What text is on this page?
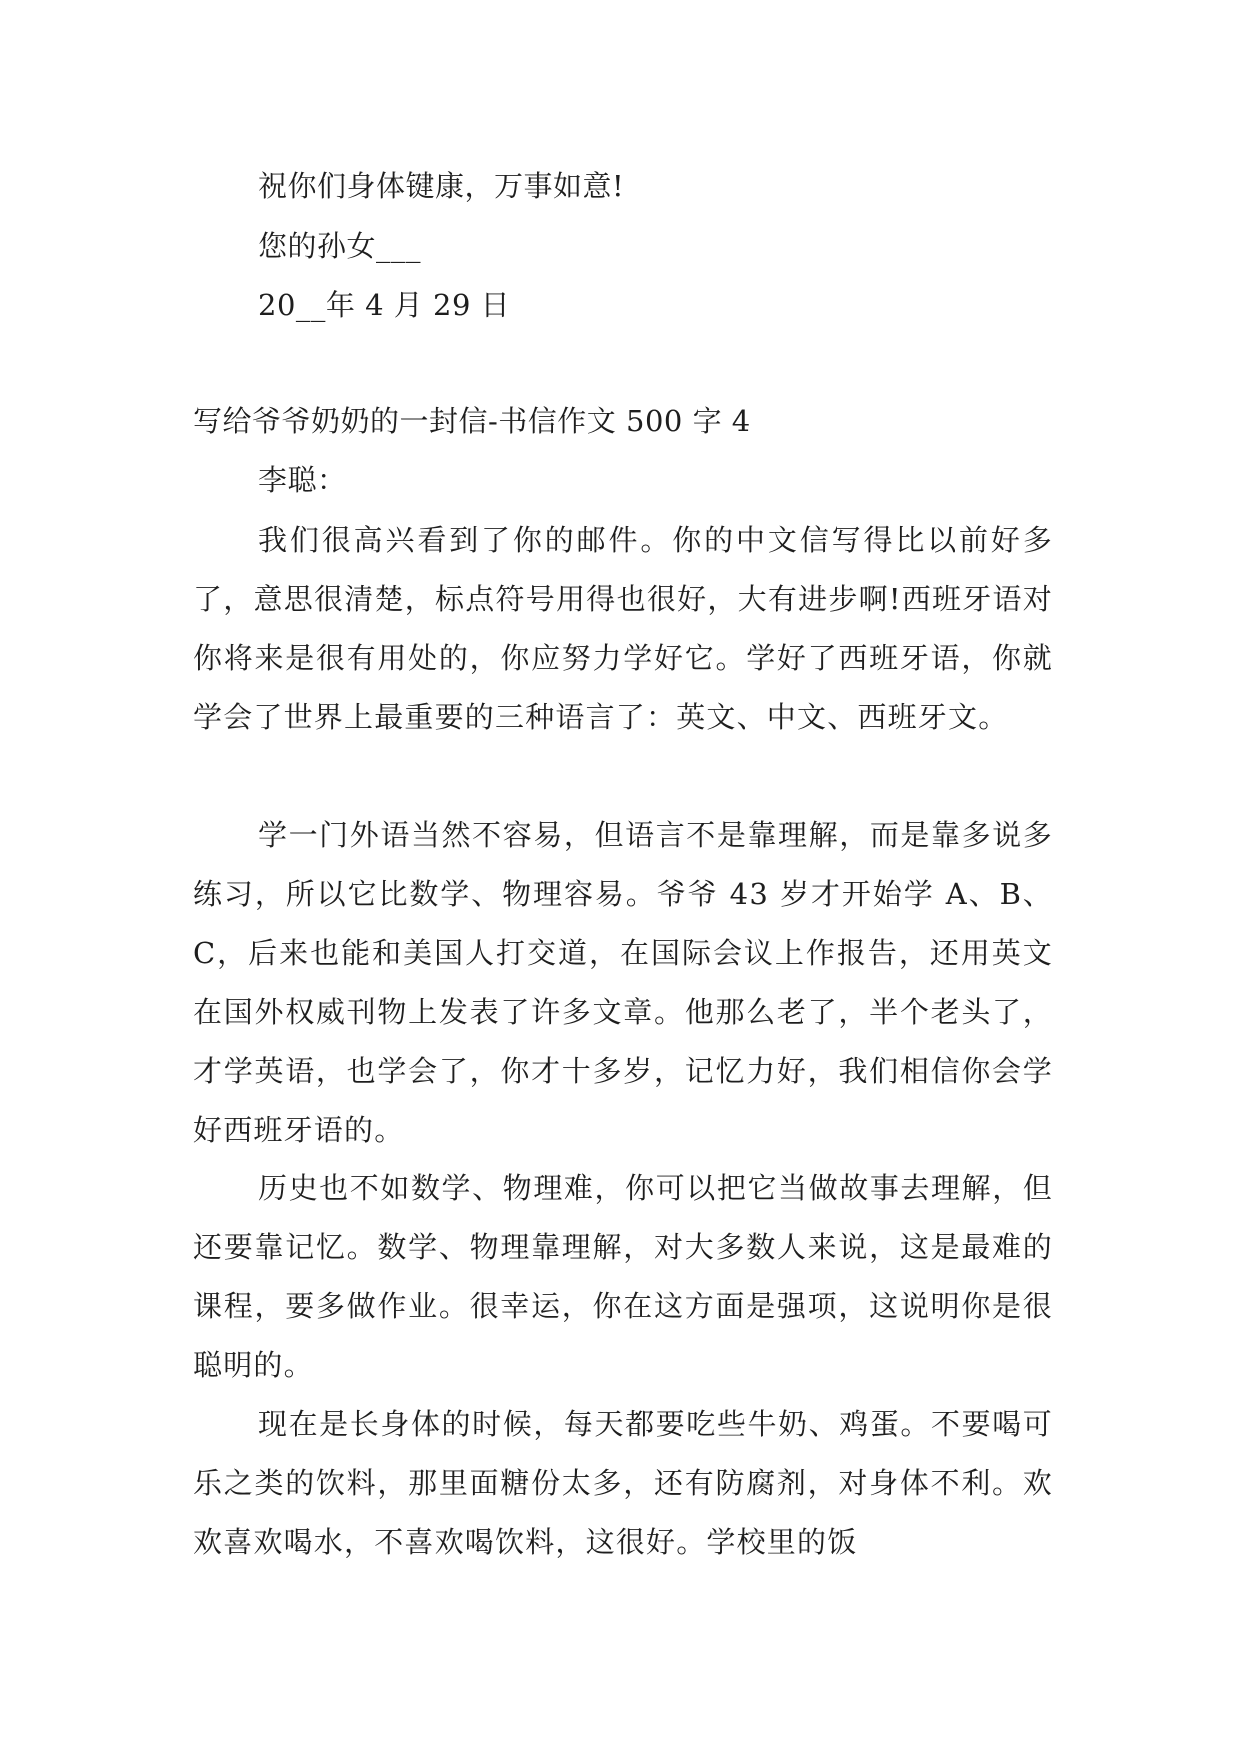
祝你们身体键康，万事如意!
您的孙女___
20__年 4 月 29 日
写给爷爷奶奶的一封信-书信作文 500 字 4
李聪：
我们很高兴看到了你的邮件。你的中文信写得比以前好多了，意思很清楚，标点符号用得也很好，大有进步啊!西班牙语对你将来是很有用处的，你应努力学好它。学好了西班牙语，你就学会了世界上最重要的三种语言了：英文、中文、西班牙文。
学一门外语当然不容易，但语言不是靠理解，而是靠多说多练习，所以它比数学、物理容易。爷爷 43 岁才开始学 A、B、C，后来也能和美国人打交道，在国际会议上作报告，还用英文在国外权威刊物上发表了许多文章。他那么老了，半个老头了，才学英语，也学会了，你才十多岁，记忆力好，我们相信你会学好西班牙语的。
历史也不如数学、物理难，你可以把它当做故事去理解，但还要靠记忆。数学、物理靠理解，对大多数人来说，这是最难的课程，要多做作业。很幸运，你在这方面是强项，这说明你是很聪明的。
现在是长身体的时候，每天都要吃些牛奶、鸡蛋。不要喝可乐之类的饮料，那里面糖份太多，还有防腐剂，对身体不利。欢欢喜欢喝水，不喜欢喝饮料，这很好。学校里的饭
